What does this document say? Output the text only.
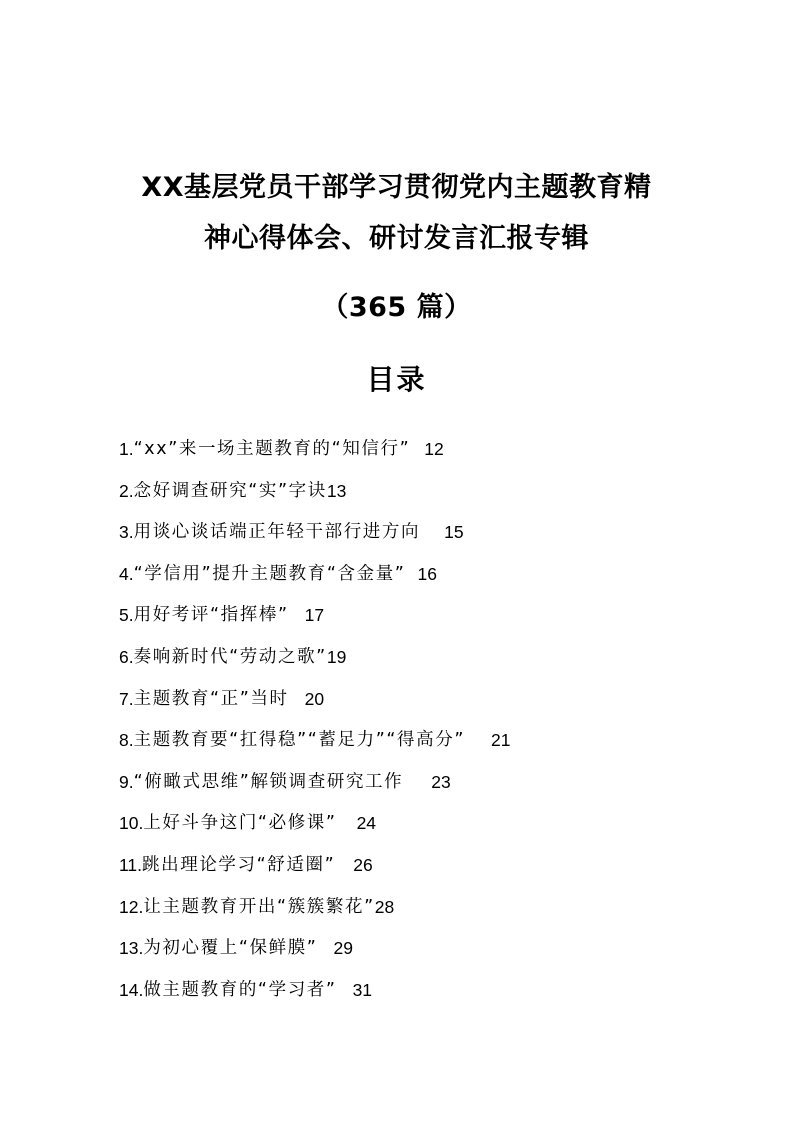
XX基层党员干部学习贯彻党内主题教育精
神心得体会、研讨发言汇报专辑
（365 篇）
目录
1. “xx”来一场主题教育的“知信行” 12
2. 念好调查研究“实”字诀 13
3. 用谈心谈话端正年轻干部行进方向 15
4. “学信用”提升主题教育“含金量” 16
5. 用好考评“指挥棒” 17
6. 奏响新时代“劳动之歌” 19
7. 主题教育“正”当时 20
8. 主题教育要“扛得稳”“蓄足力”“得高分” 21
9. “俯瞰式思维”解锁调查研究工作 23
10. 上好斗争这门“必修课” 24
11. 跳出理论学习“舒适圈” 26
12. 让主题教育开出“簇簇繁花” 28
13. 为初心覆上“保鲜膜” 29
14. 做主题教育的“学习者” 31
